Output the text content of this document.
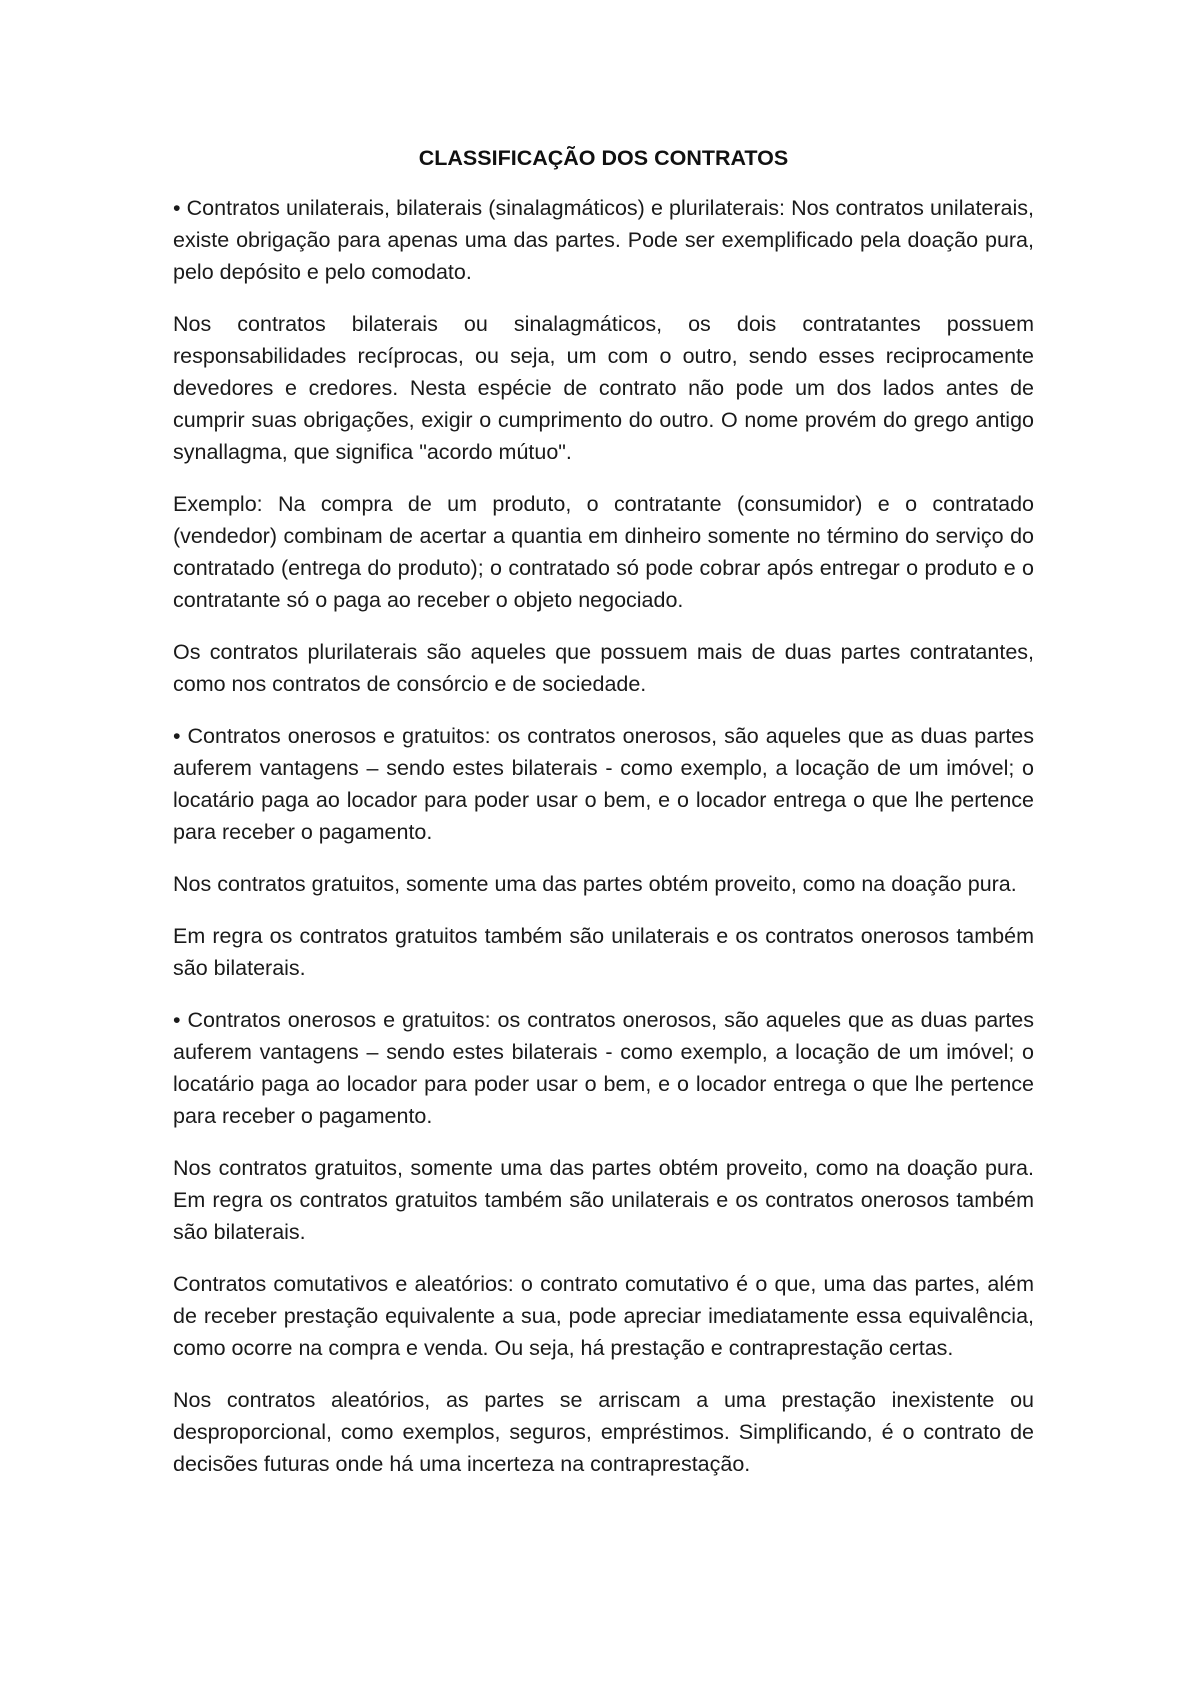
CLASSIFICAÇÃO DOS CONTRATOS

• Contratos unilaterais, bilaterais (sinalagmáticos) e plurilaterais: Nos contratos unilaterais, existe obrigação para apenas uma das partes. Pode ser exemplificado pela doação pura, pelo depósito e pelo comodato.

Nos contratos bilaterais ou sinalagmáticos, os dois contratantes possuem responsabilidades recíprocas, ou seja, um com o outro, sendo esses reciprocamente devedores e credores. Nesta espécie de contrato não pode um dos lados antes de cumprir suas obrigações, exigir o cumprimento do outro. O nome provém do grego antigo synallagma, que significa "acordo mútuo".

Exemplo: Na compra de um produto, o contratante (consumidor) e o contratado (vendedor) combinam de acertar a quantia em dinheiro somente no término do serviço do contratado (entrega do produto); o contratado só pode cobrar após entregar o produto e o contratante só o paga ao receber o objeto negociado.

Os contratos plurilaterais são aqueles que possuem mais de duas partes contratantes, como nos contratos de consórcio e de sociedade.

• Contratos onerosos e gratuitos: os contratos onerosos, são aqueles que as duas partes auferem vantagens – sendo estes bilaterais - como exemplo, a locação de um imóvel; o locatário paga ao locador para poder usar o bem, e o locador entrega o que lhe pertence para receber o pagamento.

Nos contratos gratuitos, somente uma das partes obtém proveito, como na doação pura.

Em regra os contratos gratuitos também são unilaterais e os contratos onerosos também são bilaterais.

• Contratos onerosos e gratuitos: os contratos onerosos, são aqueles que as duas partes auferem vantagens – sendo estes bilaterais - como exemplo, a locação de um imóvel; o locatário paga ao locador para poder usar o bem, e o locador entrega o que lhe pertence para receber o pagamento.

Nos contratos gratuitos, somente uma das partes obtém proveito, como na doação pura. Em regra os contratos gratuitos também são unilaterais e os contratos onerosos também são bilaterais.

Contratos comutativos e aleatórios: o contrato comutativo é o que, uma das partes, além de receber prestação equivalente a sua, pode apreciar imediatamente essa equivalência, como ocorre na compra e venda. Ou seja, há prestação e contraprestação certas.

Nos contratos aleatórios, as partes se arriscam a uma prestação inexistente ou desproporcional, como exemplos, seguros, empréstimos. Simplificando, é o contrato de decisões futuras onde há uma incerteza na contraprestação.
